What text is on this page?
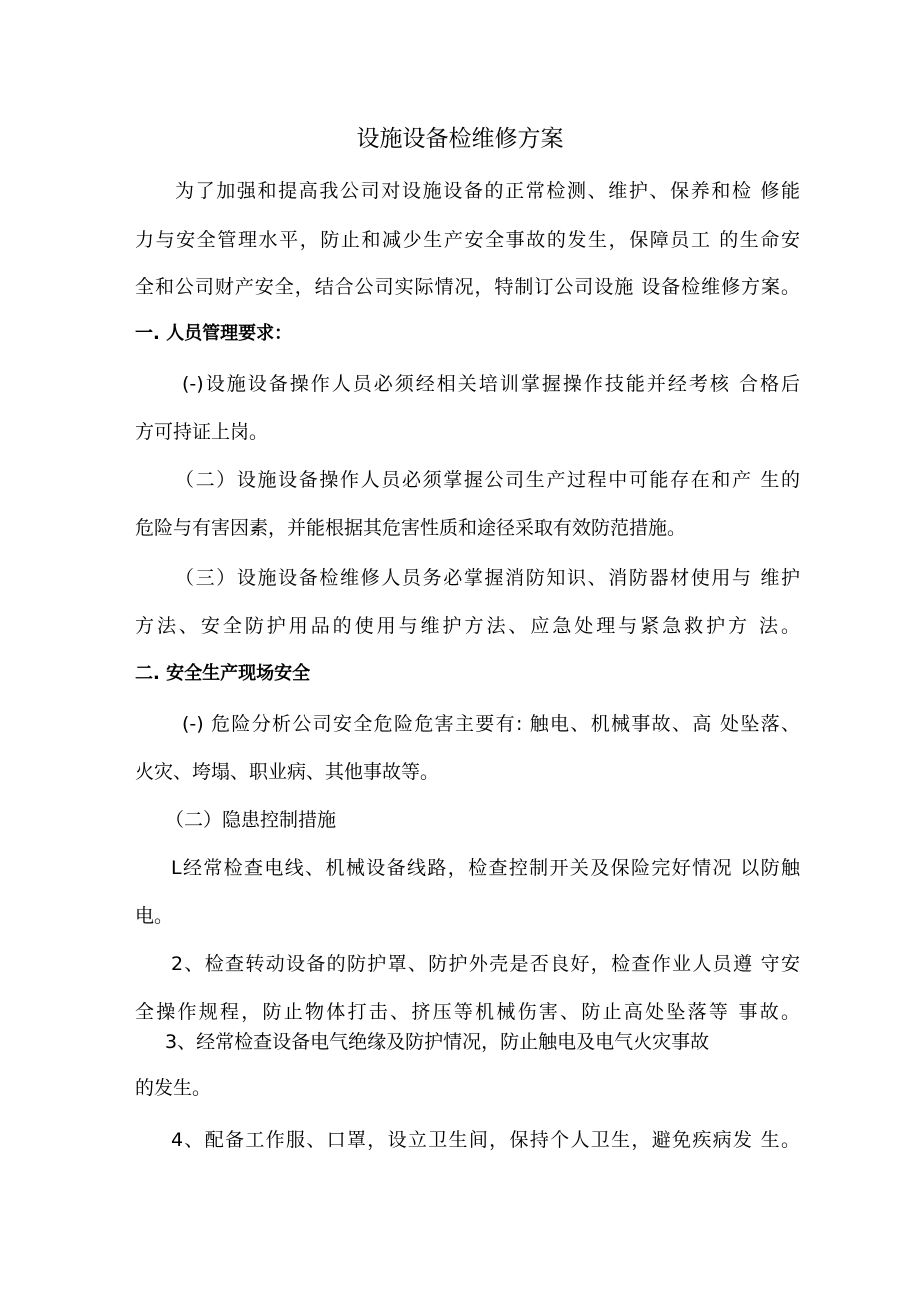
设施设备检维修方案
为了加强和提高我公司对设施设备的正常检测、维护、保养和检 修能
力与安全管理水平，防止和减少生产安全事故的发生，保障员工 的生命安
全和公司财产安全，结合公司实际情况，特制订公司设施 设备检维修方案。
一. 人员管理要求：
(-)设施设备操作人员必须经相关培训掌握操作技能并经考核 合格后
方可持证上岗。
（二）设施设备操作人员必须掌握公司生产过程中可能存在和产 生的
危险与有害因素，并能根据其危害性质和途径采取有效防范措施。
（三）设施设备检维修人员务必掌握消防知识、消防器材使用与 维护
方法、安全防护用品的使用与维护方法、应急处理与紧急救护方 法。
二. 安全生产现场安全
(-) 危险分析公司安全危险危害主要有: 触电、机械事故、高 处坠落、
火灾、垮塌、职业病、其他事故等。
（二）隐患控制措施
L经常检查电线、机械设备线路，检查控制开关及保险完好情况 以防触
电。
2、检查转动设备的防护罩、防护外壳是否良好，检查作业人员遵 守安
全操作规程，防止物体打击、挤压等机械伤害、防止高处坠落等 事故。
3、经常检查设备电气绝缘及防护情况，防止触电及电气火灾事故
的发生。
4、配备工作服、口罩，设立卫生间，保持个人卫生，避免疾病发 生。
